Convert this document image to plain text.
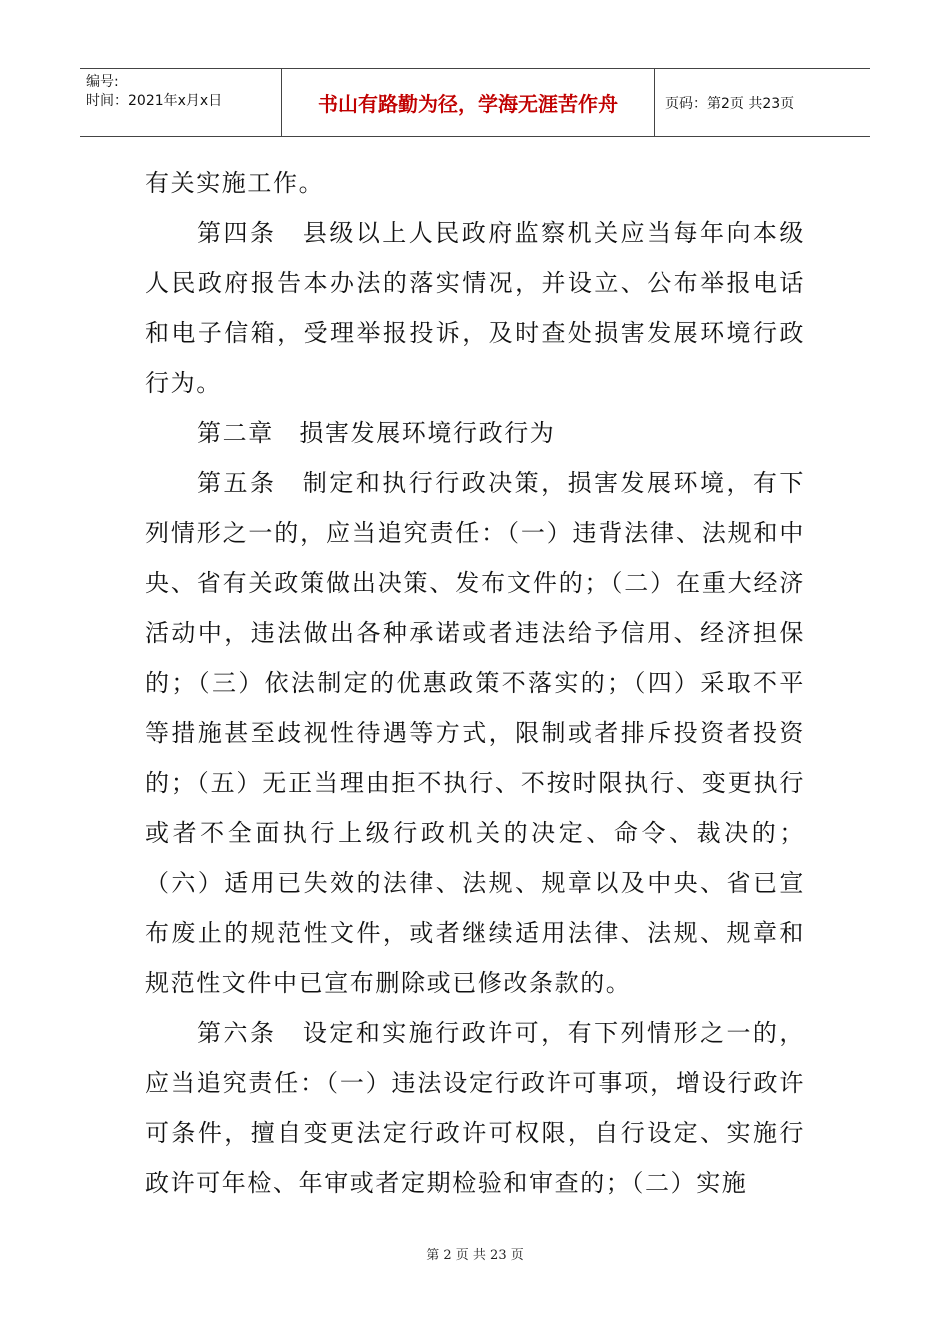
编号:
时间：2021年x月x日	书山有路勤为径，学海无涯苦作舟	页码：第2页 共23页

有关实施工作。

第四条　县级以上人民政府监察机关应当每年向本级人民政府报告本办法的落实情况，并设立、公布举报电话和电子信箱，受理举报投诉，及时查处损害发展环境行政行为。

第二章　损害发展环境行政行为

第五条　制定和执行行政决策，损害发展环境，有下列情形之一的，应当追究责任：（一）违背法律、法规和中央、省有关政策做出决策、发布文件的；（二）在重大经济活动中，违法做出各种承诺或者违法给予信用、经济担保的；（三）依法制定的优惠政策不落实的；（四）采取不平等措施甚至歧视性待遇等方式，限制或者排斥投资者投资的；（五）无正当理由拒不执行、不按时限执行、变更执行或者不全面执行上级行政机关的决定、命令、裁决的；（六）适用已失效的法律、法规、规章以及中央、省已宣布废止的规范性文件，或者继续适用法律、法规、规章和规范性文件中已宣布删除或已修改条款的。

第六条　设定和实施行政许可，有下列情形之一的，应当追究责任：（一）违法设定行政许可事项，增设行政许可条件，擅自变更法定行政许可权限，自行设定、实施行政许可年检、年审或者定期检验和审查的；（二）实施

第 2 页 共 23 页
